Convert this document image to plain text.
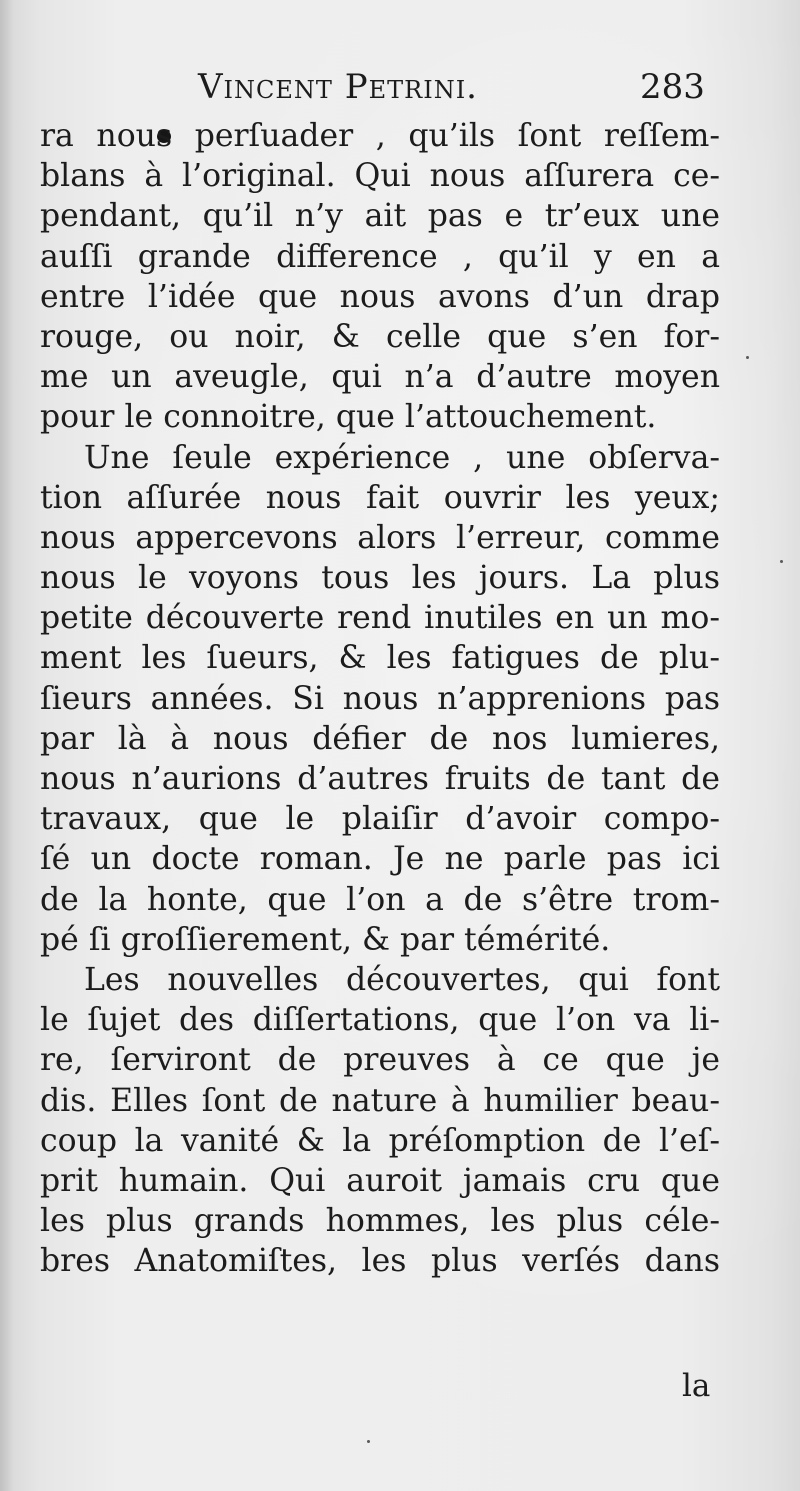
Vincent Petrini.	283
ra nous perſuader , qu’ils ſont reſſem-
blans à l’original. Qui nous aſſurera ce-
pendant, qu’il n’y ait pas e tr’eux une
auſſi grande difference , qu’il y en a
entre l’idée que nous avons d’un drap
rouge, ou noir, & celle que s’en for-
me un aveugle, qui n’a d’autre moyen
pour le connoitre, que l’attouchement.
Une ſeule expérience , une obſerva-
tion aſſurée nous fait ouvrir les yeux;
nous appercevons alors l’erreur, comme
nous le voyons tous les jours. La plus
petite découverte rend inutiles en un mo-
ment les ſueurs, & les fatigues de plu-
ſieurs années. Si nous n’apprenions pas
par là à nous défier de nos lumieres,
nous n’aurions d’autres fruits de tant de
travaux, que le plaiſir d’avoir compo-
ſé un docte roman. Je ne parle pas ici
de la honte, que l’on a de s’être trom-
pé ſi groſſierement, & par témérité.
Les nouvelles découvertes, qui font
le ſujet des diſſertations, que l’on va li-
re, ſerviront de preuves à ce que je
dis. Elles ſont de nature à humilier beau-
coup la vanité & la préſomption de l’eſ-
prit humain. Qui auroit jamais cru que
les plus grands hommes, les plus céle-
bres Anatomiſtes, les plus verſés dans
la
